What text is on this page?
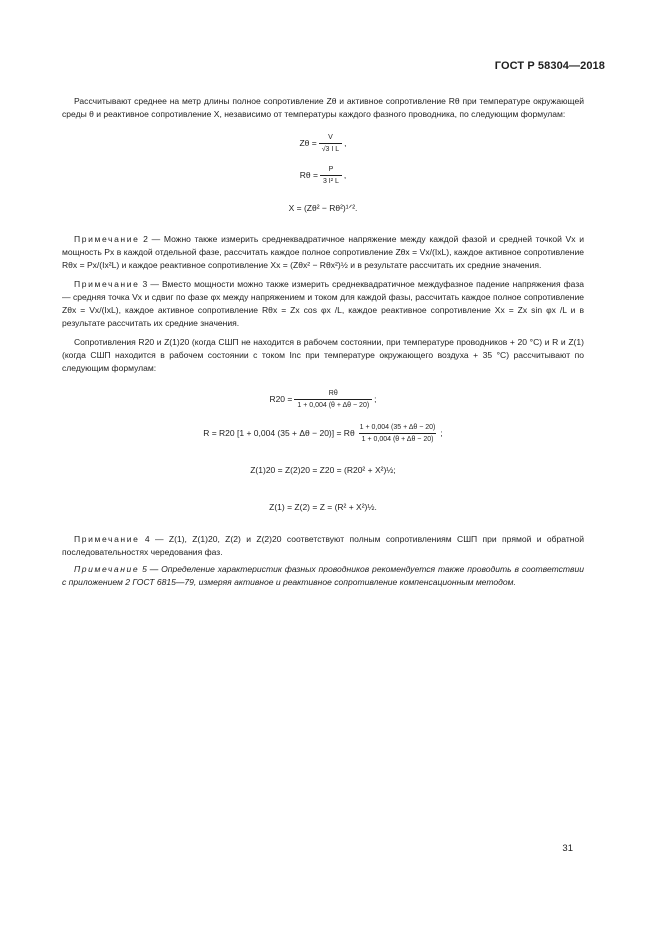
ГОСТ Р 58304—2018

Рассчитывают среднее на метр длины полное сопротивление Zθ и активное сопротивление Rθ при температуре окружающей среды θ и реактивное сопротивление X, независимо от температуры каждого фазного проводника, по следующим формулам:

$Z\theta = \frac{V}{\text{√3 I L}}$ ,
$R\theta = \frac{P}{\text{3 I² L}}$ ,
X = (Zθ² − Rθ²)¹ᐟ².

Примечание 2 — Можно также измерить среднеквадратичное напряжение между каждой фазой и средней точкой Vx и мощность Px в каждой отдельной фазе, рассчитать каждое полное сопротивление Zθx = Vx/(IxL), каждое активное сопротивление Rθx = Px/(Ix²L) и каждое реактивное сопротивление Xx = (Zθx² − Rθx²)½ и в результате рассчитать их средние значения.

Примечание 3 — Вместо мощности можно также измерить среднеквадратичное междуфазное падение напряжения фаза — средняя точка Vx и сдвиг по фазе φx между напряжением и током для каждой фазы, рассчитать каждое полное сопротивление Zθx = Vx/(IxL), каждое активное сопротивление Rθx = Zx cos φx /L, каждое реактивное сопротивление Xx = Zx sin φx /L и в результате рассчитать их средние значения.

Сопротивления R20 и Z(1)20 (когда СШП не находится в рабочем состоянии, при температуре проводников + 20 °С) и R и Z(1) (когда СШП находится в рабочем состоянии с током Inc при температуре окружающего воздуха + 35 °С) рассчитывают по следующим формулам:

$R20 = \frac{R\theta}{1 + 0,004 (\theta + \Delta\theta - 20)}$ ;
R = R20 [1 + 0,004 (35 + Δθ − 20)] = Rθ $\frac{1 + 0,004 (35 + \Delta\theta - 20)}{1 + 0,004 (\theta + \Delta\theta - 20)}$ ;
Z(1)20 = Z(2)20 = Z20 = (R20² + X²)½;
Z(1) = Z(2) = Z = (R² + X²)½.

Примечание 4 — Z(1), Z(1)20, Z(2) и Z(2)20 соответствуют полным сопротивлениям СШП при прямой и обратной последовательностях чередования фаз.

Примечание 5 — Определение характеристик фазных проводников рекомендуется также проводить в соответствии с приложением 2 ГОСТ 6815—79, измеряя активное и реактивное сопротивление компенсационным методом.

31
